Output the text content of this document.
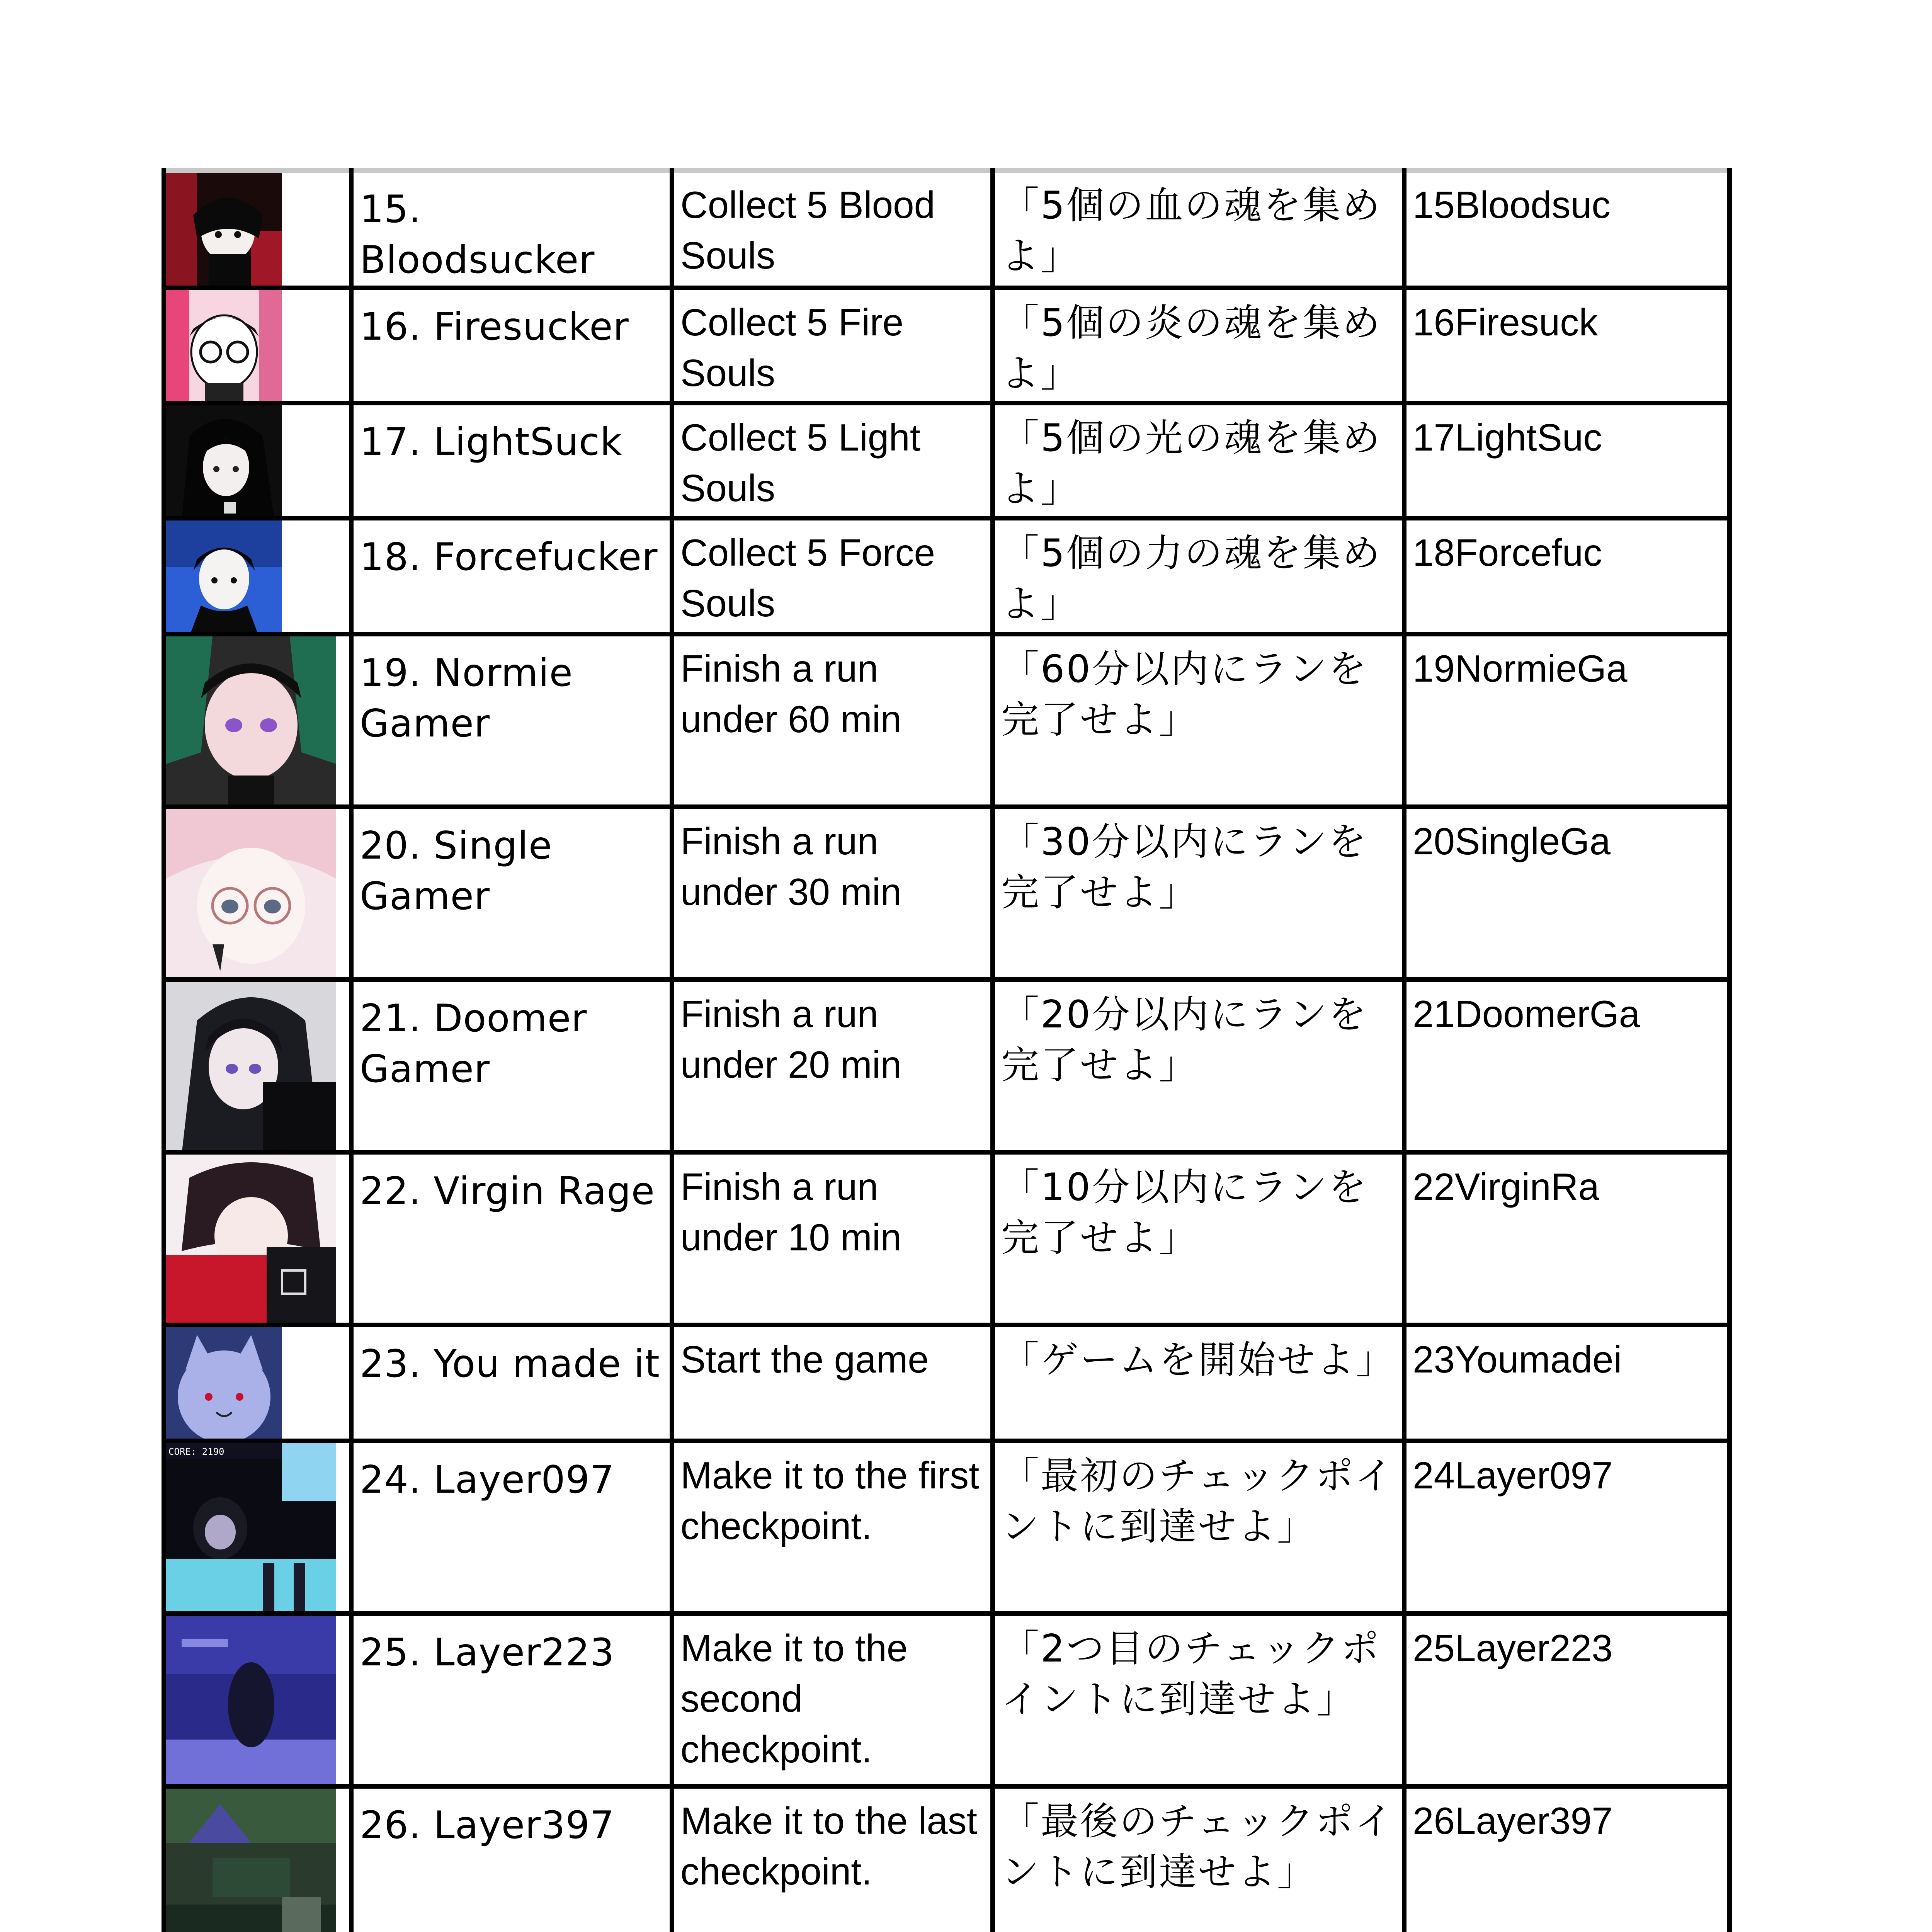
	15. Bloodsucker	Collect 5 Blood Souls	「5個の血の魂を集めよ」	15Bloodsuc

	16. Firesucker	Collect 5 Fire Souls	「5個の炎の魂を集めよ」	16Firesuck

	17. LightSuck	Collect 5 Light Souls	「5個の光の魂を集めよ」	17LightSuc

	18. Forcefucker	Collect 5 Force Souls	「5個の力の魂を集めよ」	18Forcefuc

	19. Normie Gamer	Finish a run under 60 min	「60分以内にランを完了せよ」	19NormieGa

	20. Single Gamer	Finish a run under 30 min	「30分以内にランを完了せよ」	20SingleGa

	21. Doomer Gamer	Finish a run under 20 min	「20分以内にランを完了せよ」	21DoomerGa

	22. Virgin Rage	Finish a run under 10 min	「10分以内にランを完了せよ」	22VirginRa

	23. You made it	Start the game	「ゲームを開始せよ」	23Youmadei

CORE: 2190	24. Layer097	Make it to the first checkpoint.	「最初のチェックポイントに到達せよ」	24Layer097

	25. Layer223	Make it to the second checkpoint.	「2つ目のチェックポイントに到達せよ」	25Layer223

	26. Layer397	Make it to the last checkpoint.	「最後のチェックポイントに到達せよ」	26Layer397
